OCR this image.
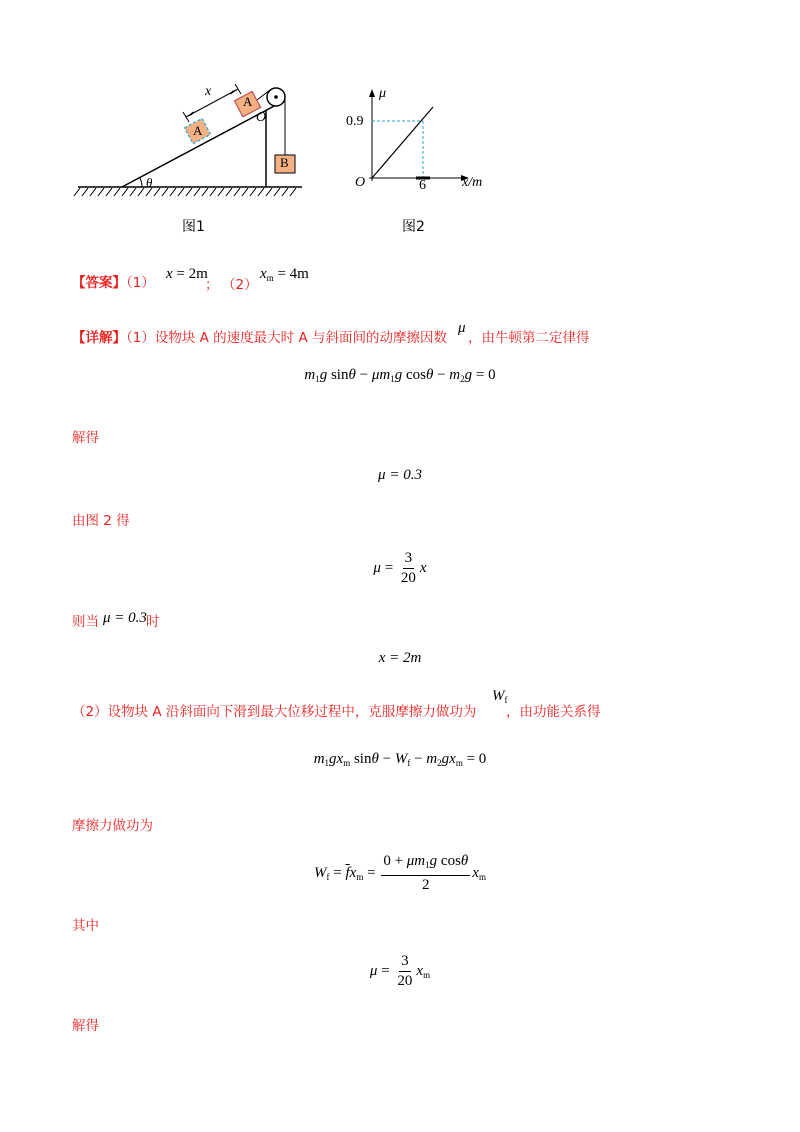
x
A
A
O
B
θ
图1
μ
0.9
O	6	x/m
图2
【答案】（1）
x = 2m
； （2）
$x_m = 4m$
【详解】（1）设物块 A 的速度最大时 A 与斜面间的动摩擦因数
μ
，由牛顿第二定律得
$m_1g$ $\sin\theta - \mu m_1g$ $\cos\theta - m_2g = 0$
解得
μ = 0.3
由图 2 得
$\mu = \frac{3}{20}$ x
则当 μ = 0.3 时
x = 2m
（2）设物块 A 沿斜面向下滑到最大位移过程中，克服摩擦力做功为
$W_f$
，由功能关系得
$m_1gx_m$ $\sin\theta - W_f - m_2gx_m = 0$
摩擦力做功为
$W_f = \overline{f}x_m = \frac{0 + \mu m_1g \cos\theta}{2} x_m$
其中
$\mu = \frac{3}{20} x_m$
解得
